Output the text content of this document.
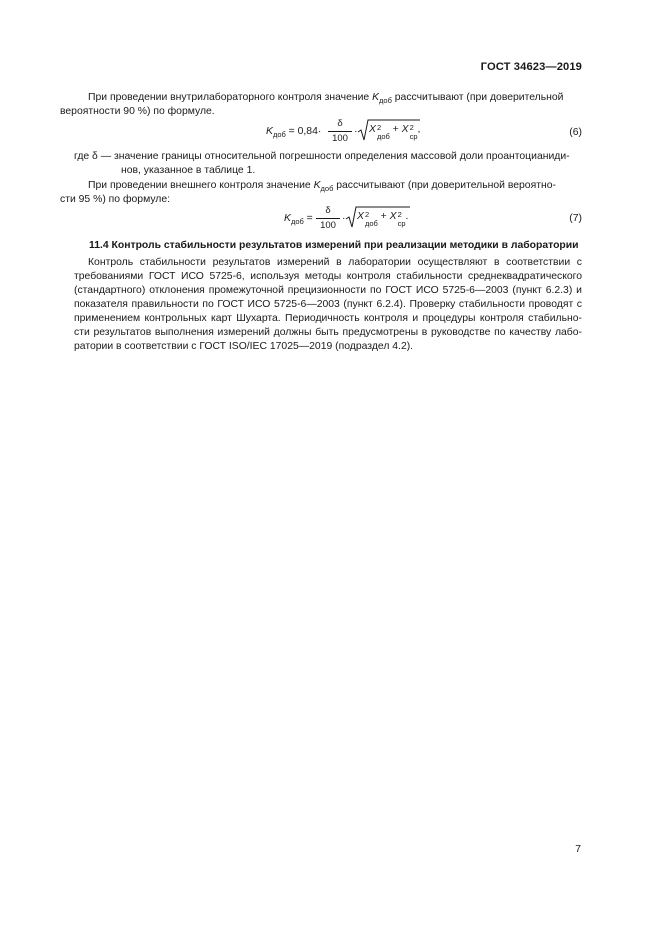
ГОСТ 34623—2019
При проведении внутрилабораторного контроля значение $K_{доб}$ рассчитывают (при доверительной
вероятности 90 %) по формуле.
$K_{доб} = 0,84\cdot$
δ
100
· X 2
доб
+ X 2
ср
,	(6)
где δ — значение границы относительной погрешности определения массовой доли проантоцианиди-
нов, указанное в таблице 1.
При проведении внешнего контроля значение $K_{доб}$ рассчитывают (при доверительной вероятно-
сти 95 %) по формуле:
$K_{доб}$ =
δ
100
· X 2
доб
+ X 2
ср
.	(7)
11.4 Контроль стабильности результатов измерений при реализации методики в лаборатории
Контроль стабильности результатов измерений в лаборатории осуществляют в соответствии с
требованиями ГОСТ ИСО 5725-6, используя методы контроля стабильности среднеквадратического
(стандартного) отклонения промежуточной прецизионности по ГОСТ ИСО 5725-6—2003 (пункт 6.2.3) и
показателя правильности по ГОСТ ИСО 5725-6—2003 (пункт 6.2.4). Проверку стабильности проводят с
применением контрольных карт Шухарта. Периодичность контроля и процедуры контроля стабильно-
сти результатов выполнения измерений должны быть предусмотрены в руководстве по качеству лабо-
ратории в соответствии с ГОСТ ISO/IEC 17025—2019 (подраздел 4.2).
7
